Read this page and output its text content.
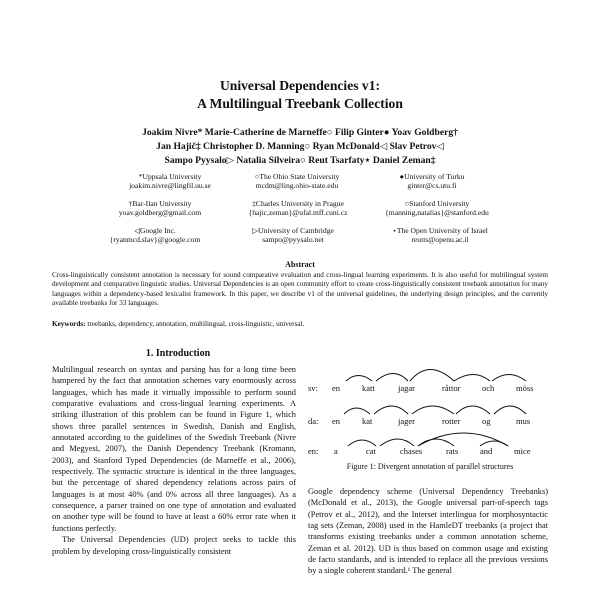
Universal Dependencies v1:
A Multilingual Treebank Collection
Joakim Nivre* Marie-Catherine de Marneffe○ Filip Ginter● Yoav Goldberg†
Jan Hajič‡ Christopher D. Manning○ Ryan McDonald◁ Slav Petrov◁
Sampo Pyysalo▷ Natalia Silveira○ Reut Tsarfaty⋆ Daniel Zeman‡
*Uppsala University
joakim.nivre@lingfil.uu.se
○The Ohio State University
mcdm@ling.ohio-state.edu
●University of Turku
ginter@cs.utu.fi
†Bar-Ilan University
yoav.goldberg@gmail.com
‡Charles University in Prague
{hajic,zeman}@ufal.mff.cuni.cz
○Stanford University
{manning,natalias}@stanford.edu
◁Google Inc.
{ryanmcd,slav}@google.com
▷University of Cambridge
sampo@pyysalo.net
⋆The Open University of Israel
reutts@openu.ac.il
Abstract
Cross-linguistically consistent annotation is necessary for sound comparative evaluation and cross-lingual learning experiments. It is also useful for multilingual system development and comparative linguistic studies. Universal Dependencies is an open community effort to create cross-linguistically consistent treebank annotation for many languages within a dependency-based lexicalist framework. In this paper, we describe v1 of the universal guidelines, the underlying design principles, and the currently available treebanks for 33 languages.
Keywords: treebanks, dependency, annotation, multilingual, cross-linguistic, universal.
1. Introduction

Multilingual research on syntax and parsing has for a long time been hampered by the fact that annotation schemes vary enormously across languages, which has made it virtually impossible to perform sound comparative evaluations and cross-lingual learning experiments. A striking illustration of this problem can be found in Figure 1, which shows three parallel sentences in Swedish, Danish and English, annotated according to the guidelines of the Swedish Treebank (Nivre and Megyesi, 2007), the Danish Dependency Treebank (Kromann, 2003), and Stanford Typed Dependencies (de Marneffe et al., 2006), respectively. The syntactic structure is identical in the three languages, but the percentage of shared dependency relations across pairs of languages is at most 40% (and 0% across all three languages). As a consequence, a parser trained on one type of annotation and evaluated on another type will be found to have at least a 60% error rate when it functions perfectly.

The Universal Dependencies (UD) project seeks to tackle this problem by developing cross-linguistically consistent

sv: en	katt	jagar	råttor	och	möss
da: en	kat	jager	rotter	og	mus
en: a	cat	chases	rats	and	mice
Figure 1: Divergent annotation of parallel structures
Google dependency scheme (Universal Dependency Treebanks) (McDonald et al., 2013), the Google universal part-of-speech tags (Petrov et al., 2012), and the Interset interlingua for morphosyntactic tag sets (Zeman, 2008) used in the HamleDT treebanks (a project that transforms existing treebanks under a common annotation scheme, Zeman et al. 2012). UD is thus based on common usage and existing de facto standards, and is intended to replace all the previous versions by a single coherent standard.¹ The general
